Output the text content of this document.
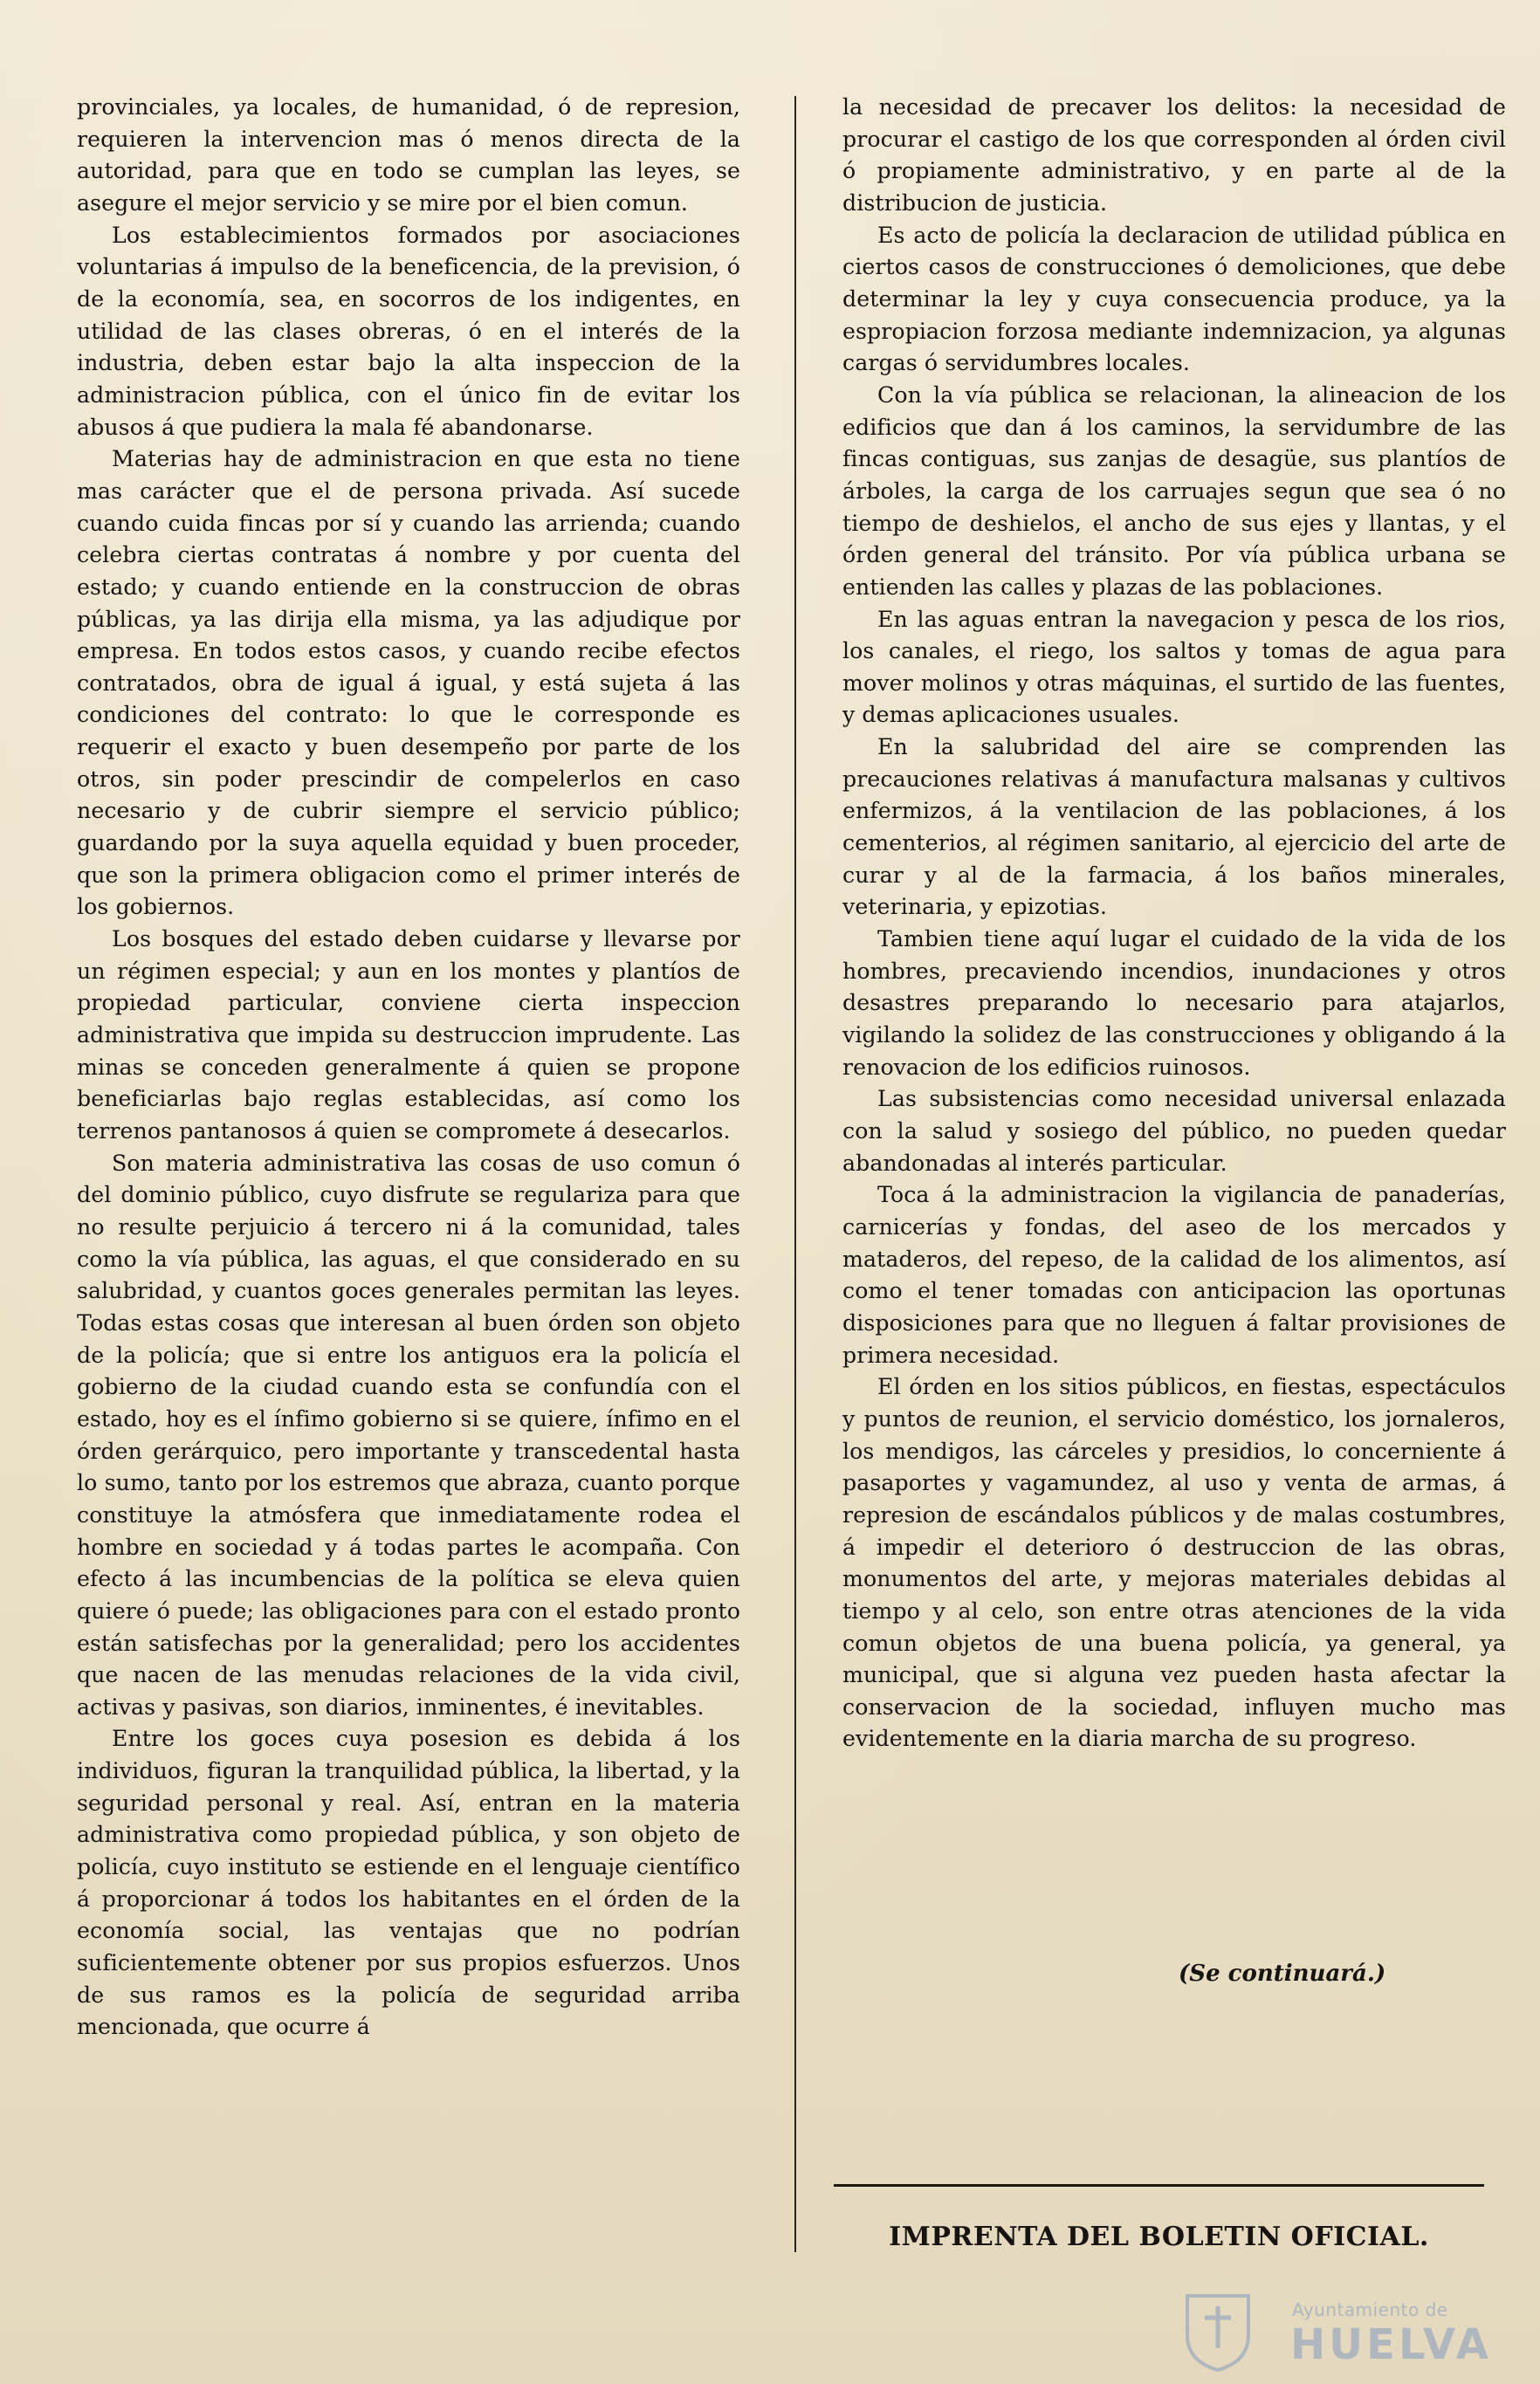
provinciales, ya locales, de humanidad, ó de represion, requieren la intervencion mas ó menos directa de la autoridad, para que en todo se cumplan las leyes, se asegure el mejor servicio y se mire por el bien comun.

Los establecimientos formados por asociaciones voluntarias á impulso de la beneficencia, de la prevision, ó de la economía, sea, en socorros de los indigentes, en utilidad de las clases obreras, ó en el interés de la industria, deben estar bajo la alta inspeccion de la administracion pública, con el único fin de evitar los abusos á que pudiera la mala fé abandonarse.

Materias hay de administracion en que esta no tiene mas carácter que el de persona privada. Así sucede cuando cuida fincas por sí y cuando las arrienda; cuando celebra ciertas contratas á nombre y por cuenta del estado; y cuando entiende en la construccion de obras públicas, ya las dirija ella misma, ya las adjudique por empresa. En todos estos casos, y cuando recibe efectos contratados, obra de igual á igual, y está sujeta á las condiciones del contrato: lo que le corresponde es requerir el exacto y buen desempeño por parte de los otros, sin poder prescindir de compelerlos en caso necesario y de cubrir siempre el servicio público; guardando por la suya aquella equidad y buen proceder, que son la primera obligacion como el primer interés de los gobiernos.

Los bosques del estado deben cuidarse y llevarse por un régimen especial; y aun en los montes y plantíos de propiedad particular, conviene cierta inspeccion administrativa que impida su destruccion imprudente. Las minas se conceden generalmente á quien se propone beneficiarlas bajo reglas establecidas, así como los terrenos pantanosos á quien se compromete á desecarlos.

Son materia administrativa las cosas de uso comun ó del dominio público, cuyo disfrute se regulariza para que no resulte perjuicio á tercero ni á la comunidad, tales como la vía pública, las aguas, el que considerado en su salubridad, y cuantos goces generales permitan las leyes. Todas estas cosas que interesan al buen órden son objeto de la policía; que si entre los antiguos era la policía el gobierno de la ciudad cuando esta se confundía con el estado, hoy es el ínfimo gobierno si se quiere, ínfimo en el órden gerárquico, pero importante y transcedental hasta lo sumo, tanto por los estremos que abraza, cuanto porque constituye la atmósfera que inmediatamente rodea el hombre en sociedad y á todas partes le acompaña. Con efecto á las incumbencias de la política se eleva quien quiere ó puede; las obligaciones para con el estado pronto están satisfechas por la generalidad; pero los accidentes que nacen de las menudas relaciones de la vida civil, activas y pasivas, son diarios, inminentes, é inevitables.

Entre los goces cuya posesion es debida á los individuos, figuran la tranquilidad pública, la libertad, y la seguridad personal y real. Así, entran en la materia administrativa como propiedad pública, y son objeto de policía, cuyo instituto se estiende en el lenguaje científico á proporcionar á todos los habitantes en el órden de la economía social, las ventajas que no podrían suficientemente obtener por sus propios esfuerzos. Unos de sus ramos es la policía de seguridad arriba mencionada, que ocurre á

la necesidad de precaver los delitos: la necesidad de procurar el castigo de los que corresponden al órden civil ó propiamente administrativo, y en parte al de la distribucion de justicia.

Es acto de policía la declaracion de utilidad pública en ciertos casos de construcciones ó demoliciones, que debe determinar la ley y cuya consecuencia produce, ya la espropiacion forzosa mediante indemnizacion, ya algunas cargas ó servidumbres locales.

Con la vía pública se relacionan, la alineacion de los edificios que dan á los caminos, la servidumbre de las fincas contiguas, sus zanjas de desagüe, sus plantíos de árboles, la carga de los carruajes segun que sea ó no tiempo de deshielos, el ancho de sus ejes y llantas, y el órden general del tránsito. Por vía pública urbana se entienden las calles y plazas de las poblaciones.

En las aguas entran la navegacion y pesca de los rios, los canales, el riego, los saltos y tomas de agua para mover molinos y otras máquinas, el surtido de las fuentes, y demas aplicaciones usuales.

En la salubridad del aire se comprenden las precauciones relativas á manufactura malsanas y cultivos enfermizos, á la ventilacion de las poblaciones, á los cementerios, al régimen sanitario, al ejercicio del arte de curar y al de la farmacia, á los baños minerales, veterinaria, y epizotias.

Tambien tiene aquí lugar el cuidado de la vida de los hombres, precaviendo incendios, inundaciones y otros desastres preparando lo necesario para atajarlos, vigilando la solidez de las construcciones y obligando á la renovacion de los edificios ruinosos.

Las subsistencias como necesidad universal enlazada con la salud y sosiego del público, no pueden quedar abandonadas al interés particular.

Toca á la administracion la vigilancia de panaderías, carnicerías y fondas, del aseo de los mercados y mataderos, del repeso, de la calidad de los alimentos, así como el tener tomadas con anticipacion las oportunas disposiciones para que no lleguen á faltar provisiones de primera necesidad.

El órden en los sitios públicos, en fiestas, espectáculos y puntos de reunion, el servicio doméstico, los jornaleros, los mendigos, las cárceles y presidios, lo concerniente á pasaportes y vagamundez, al uso y venta de armas, á represion de escándalos públicos y de malas costumbres, á impedir el deterioro ó destruccion de las obras, monumentos del arte, y mejoras materiales debidas al tiempo y al celo, son entre otras atenciones de la vida comun objetos de una buena policía, ya general, ya municipal, que si alguna vez pueden hasta afectar la conservacion de la sociedad, influyen mucho mas evidentemente en la diaria marcha de su progreso.

(Se continuará.)
IMPRENTA DEL BOLETIN OFICIAL.
Ayuntamiento de
HUELVA
